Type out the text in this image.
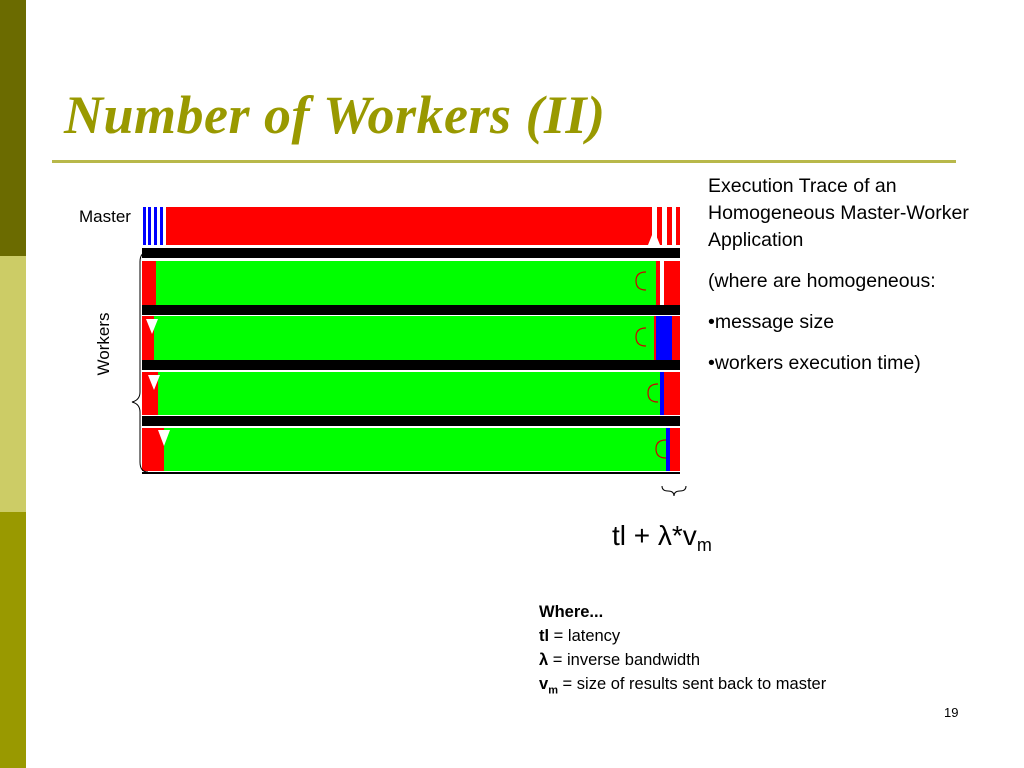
Number of Workers (II)
Master
Workers

Execution Trace of an Homogeneous Master-Worker Application

(where are homogeneous:

•message size

•workers execution time)

tl + $\lambda*v_m$
Where...
tl = latency
λ = inverse bandwidth
$v_m$ = size of results sent back to master
19
